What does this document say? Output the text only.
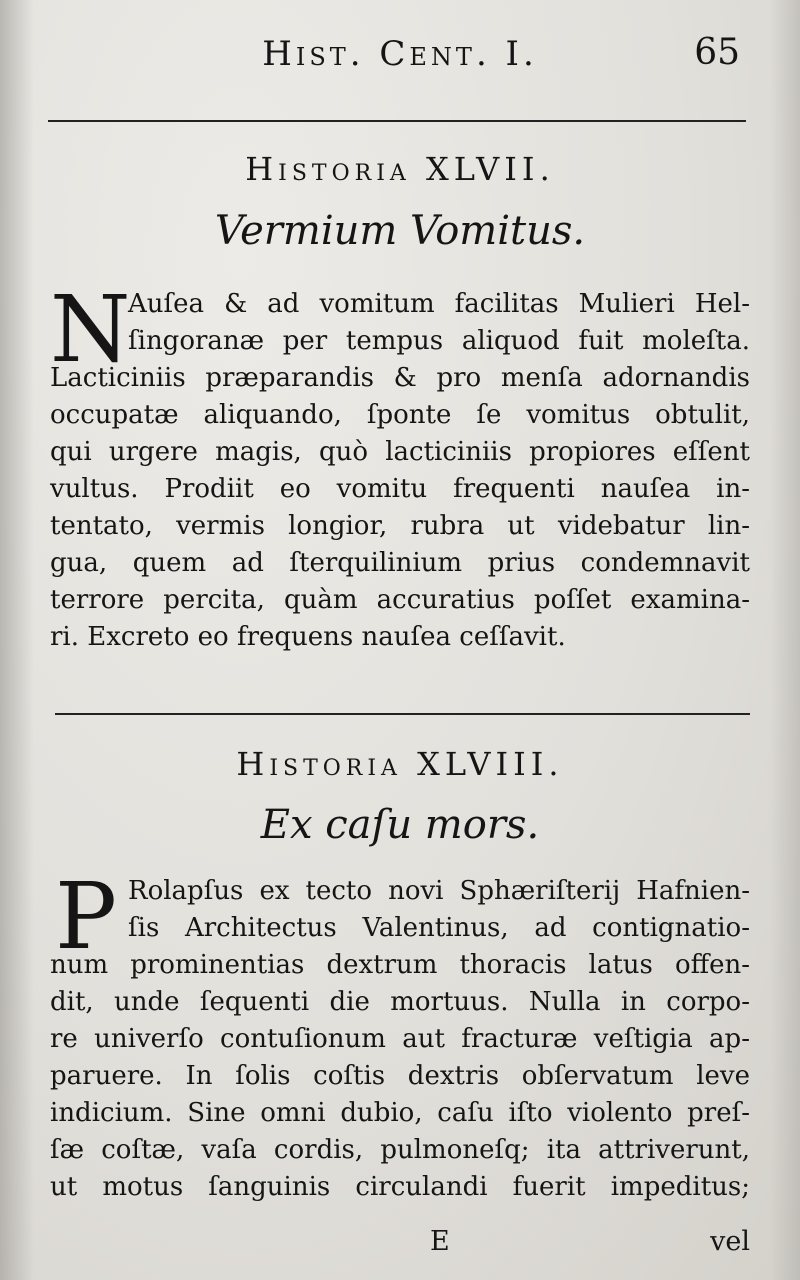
Hist. Cent. I.	65
Historia XLVII.
Vermium Vomitus.
N
Auſea & ad vomitum facilitas Mulieri Hel-
ſingoranæ per tempus aliquod fuit moleſta.
Lacticiniis præparandis & pro menſa adornandis
occupatæ aliquando, ſponte ſe vomitus obtulit,
qui urgere magis, quò lacticiniis propiores eſſent
vultus. Prodiit eo vomitu frequenti nauſea in-
tentato, vermis longior, rubra ut videbatur lin-
gua, quem ad ſterquilinium prius condemnavit
terrore percita, quàm accuratius poſſet examina-
ri. Excreto eo frequens nauſea ceſſavit.
Historia XLVIII.
Ex caſu mors.
P Rolapſus ex tecto novi Sphæriſterij Hafnien-
ſis Architectus Valentinus, ad contignatio-
num prominentias dextrum thoracis latus offen-
dit, unde ſequenti die mortuus. Nulla in corpo-
re univerſo contuſionum aut fracturæ veſtigia ap-
paruere. In ſolis coſtis dextris obſervatum leve
indicium. Sine omni dubio, caſu iſto violento preſ-
ſæ coſtæ, vaſa cordis, pulmoneſq; ita attriverunt,
ut motus ſanguinis circulandi fuerit impeditus;
E	vel
